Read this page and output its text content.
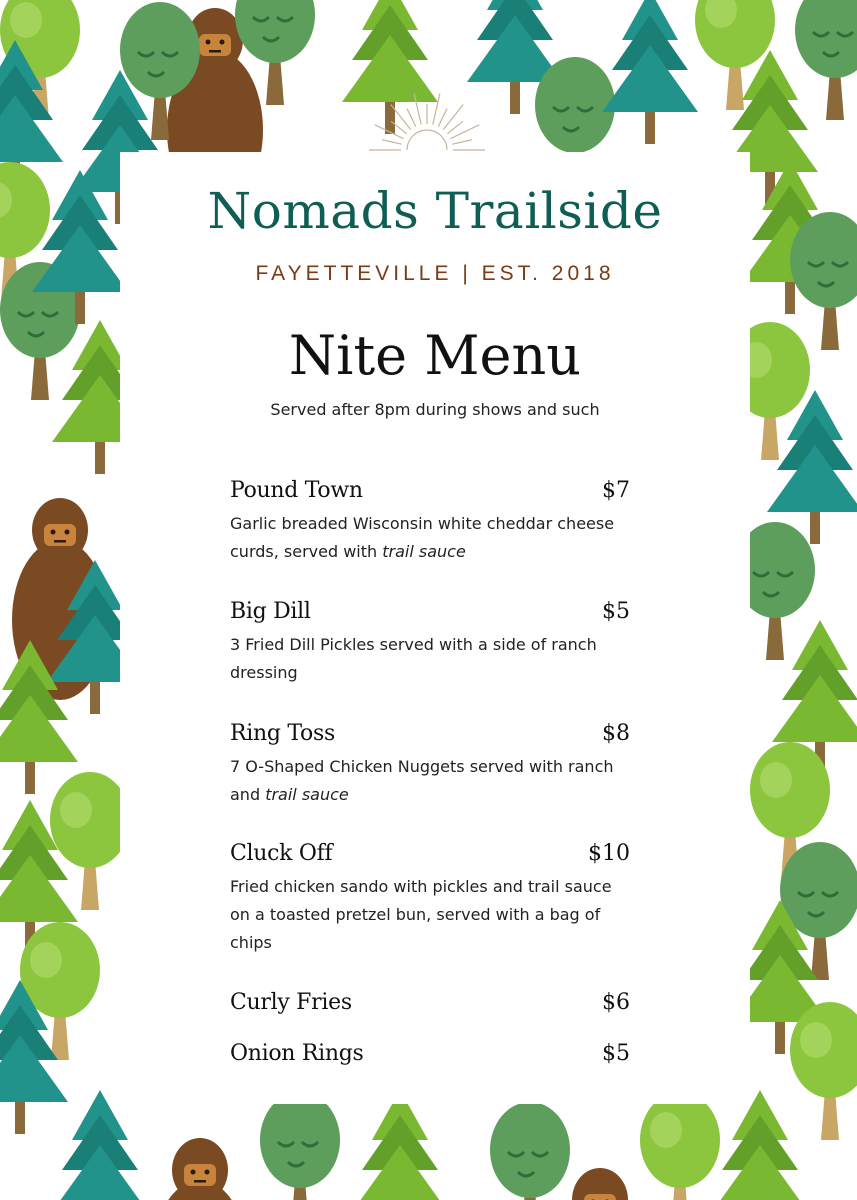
Nomads Trailside
FAYETTEVILLE | EST. 2018
Nite Menu
Served after 8pm during shows and such
Pound Town	$7
Garlic breaded Wisconsin white cheddar cheese curds, served with trail sauce
Big Dill	$5
3 Fried Dill Pickles served with a side of ranch dressing
Ring Toss	$8
7 O-Shaped Chicken Nuggets served with ranch and trail sauce
Cluck Off	$10
Fried chicken sando with pickles and trail sauce on a toasted pretzel bun, served with a bag of chips
Curly Fries	$6
Onion Rings	$5
